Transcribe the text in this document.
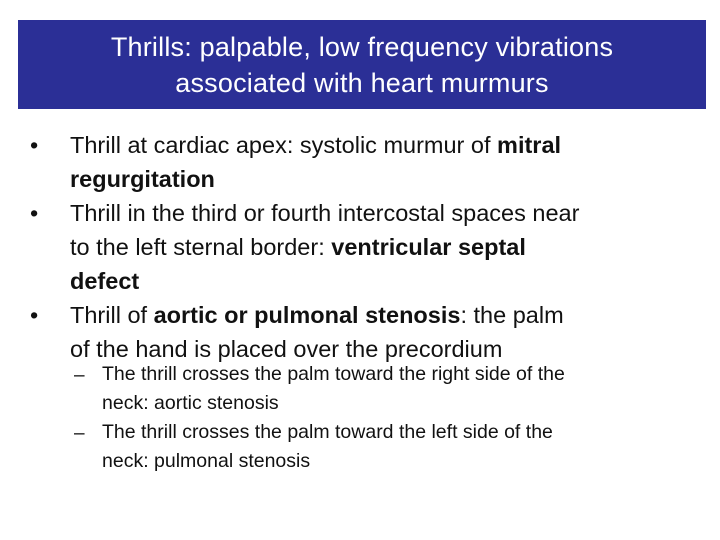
Thrills: palpable, low frequency vibrations
associated with heart murmurs
• Thrill at cardiac apex: systolic murmur of mitral
regurgitation
• Thrill in the third or fourth intercostal spaces near
to the left sternal border: ventricular septal
defect
• Thrill of aortic or pulmonal stenosis: the palm
of the hand is placed over the precordium
– The thrill crosses the palm toward the right side of the
neck: aortic stenosis
– The thrill crosses the palm toward the left side of the
neck: pulmonal stenosis
